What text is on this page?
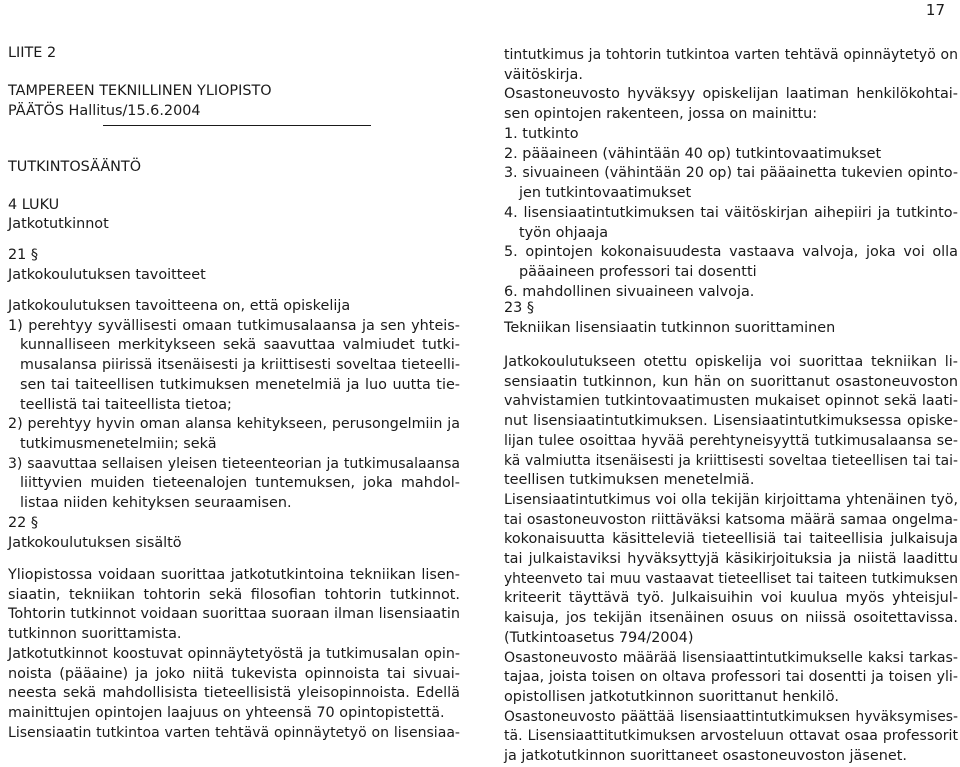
17
LIITE 2
TAMPEREEN TEKNILLINEN YLIOPISTO
PÄÄTÖS Hallitus/15.6.2004
TUTKINTOSÄÄNTÖ
4 LUKU
Jatkotutkinnot
21 §
Jatkokoulutuksen tavoitteet
Jatkokoulutuksen tavoitteena on, että opiskelija
1) perehtyy syvällisesti omaan tutkimusalaansa ja sen yhteis-
kunnalliseen merkitykseen sekä saavuttaa valmiudet tutki-
musalansa piirissä itsenäisesti ja kriittisesti soveltaa tieteelli-
sen tai taiteellisen tutkimuksen menetelmiä ja luo uutta tie-
teellistä tai taiteellista tietoa;
2) perehtyy hyvin oman alansa kehitykseen, perusongelmiin ja
tutkimusmenetelmiin; sekä
3) saavuttaa sellaisen yleisen tieteenteorian ja tutkimusalaansa
liittyvien muiden tieteenalojen tuntemuksen, joka mahdol-
listaa niiden kehityksen seuraamisen.
22 §
Jatkokoulutuksen sisältö
Yliopistossa voidaan suorittaa jatkotutkintoina tekniikan lisen-
siaatin, tekniikan tohtorin sekä filosofian tohtorin tutkinnot.
Tohtorin tutkinnot voidaan suorittaa suoraan ilman lisensiaatin
tutkinnon suorittamista.
Jatkotutkinnot koostuvat opinnäytetyöstä ja tutkimusalan opin-
noista (pääaine) ja joko niitä tukevista opinnoista tai sivuai-
neesta sekä mahdollisista tieteellisistä yleisopinnoista. Edellä
mainittujen opintojen laajuus on yhteensä 70 opintopistettä.
Lisensiaatin tutkintoa varten tehtävä opinnäytetyö on lisensiaa-
tintutkimus ja tohtorin tutkintoa varten tehtävä opinnäytetyö on
väitöskirja.
Osastoneuvosto hyväksyy opiskelijan laatiman henkilökohtai-
sen opintojen rakenteen, jossa on mainittu:
1. tutkinto
2. pääaineen (vähintään 40 op) tutkintovaatimukset
3. sivuaineen (vähintään 20 op) tai pääainetta tukevien opinto-
jen tutkintovaatimukset
4. lisensiaatintutkimuksen tai väitöskirjan aihepiiri ja tutkinto-
työn ohjaaja
5. opintojen kokonaisuudesta vastaava valvoja, joka voi olla
pääaineen professori tai dosentti
6. mahdollinen sivuaineen valvoja.
23 §
Tekniikan lisensiaatin tutkinnon suorittaminen
Jatkokoulutukseen otettu opiskelija voi suorittaa tekniikan li-
sensiaatin tutkinnon, kun hän on suorittanut osastoneuvoston
vahvistamien tutkintovaatimusten mukaiset opinnot sekä laati-
nut lisensiaatintutkimuksen. Lisensiaatintutkimuksessa opiske-
lijan tulee osoittaa hyvää perehtyneisyyttä tutkimusalaansa se-
kä valmiutta itsenäisesti ja kriittisesti soveltaa tieteellisen tai tai-
teellisen tutkimuksen menetelmiä.
Lisensiaatintutkimus voi olla tekijän kirjoittama yhtenäinen työ,
tai osastoneuvoston riittäväksi katsoma määrä samaa ongelma-
kokonaisuutta käsitteleviä tieteellisiä tai taiteellisia julkaisuja
tai julkaistaviksi hyväksyttyjä käsikirjoituksia ja niistä laadittu
yhteenveto tai muu vastaavat tieteelliset tai taiteen tutkimuksen
kriteerit täyttävä työ. Julkaisuihin voi kuulua myös yhteisjul-
kaisuja, jos tekijän itsenäinen osuus on niissä osoitettavissa.
(Tutkintoasetus 794/2004)
Osastoneuvosto määrää lisensiaattintutkimukselle kaksi tarkas-
tajaa, joista toisen on oltava professori tai dosentti ja toisen yli-
opistollisen jatkotutkinnon suorittanut henkilö.
Osastoneuvosto päättää lisensiaattintutkimuksen hyväksymises-
tä. Lisensiaattitutkimuksen arvosteluun ottavat osaa professorit
ja jatkotutkinnon suorittaneet osastoneuvoston jäsenet.
